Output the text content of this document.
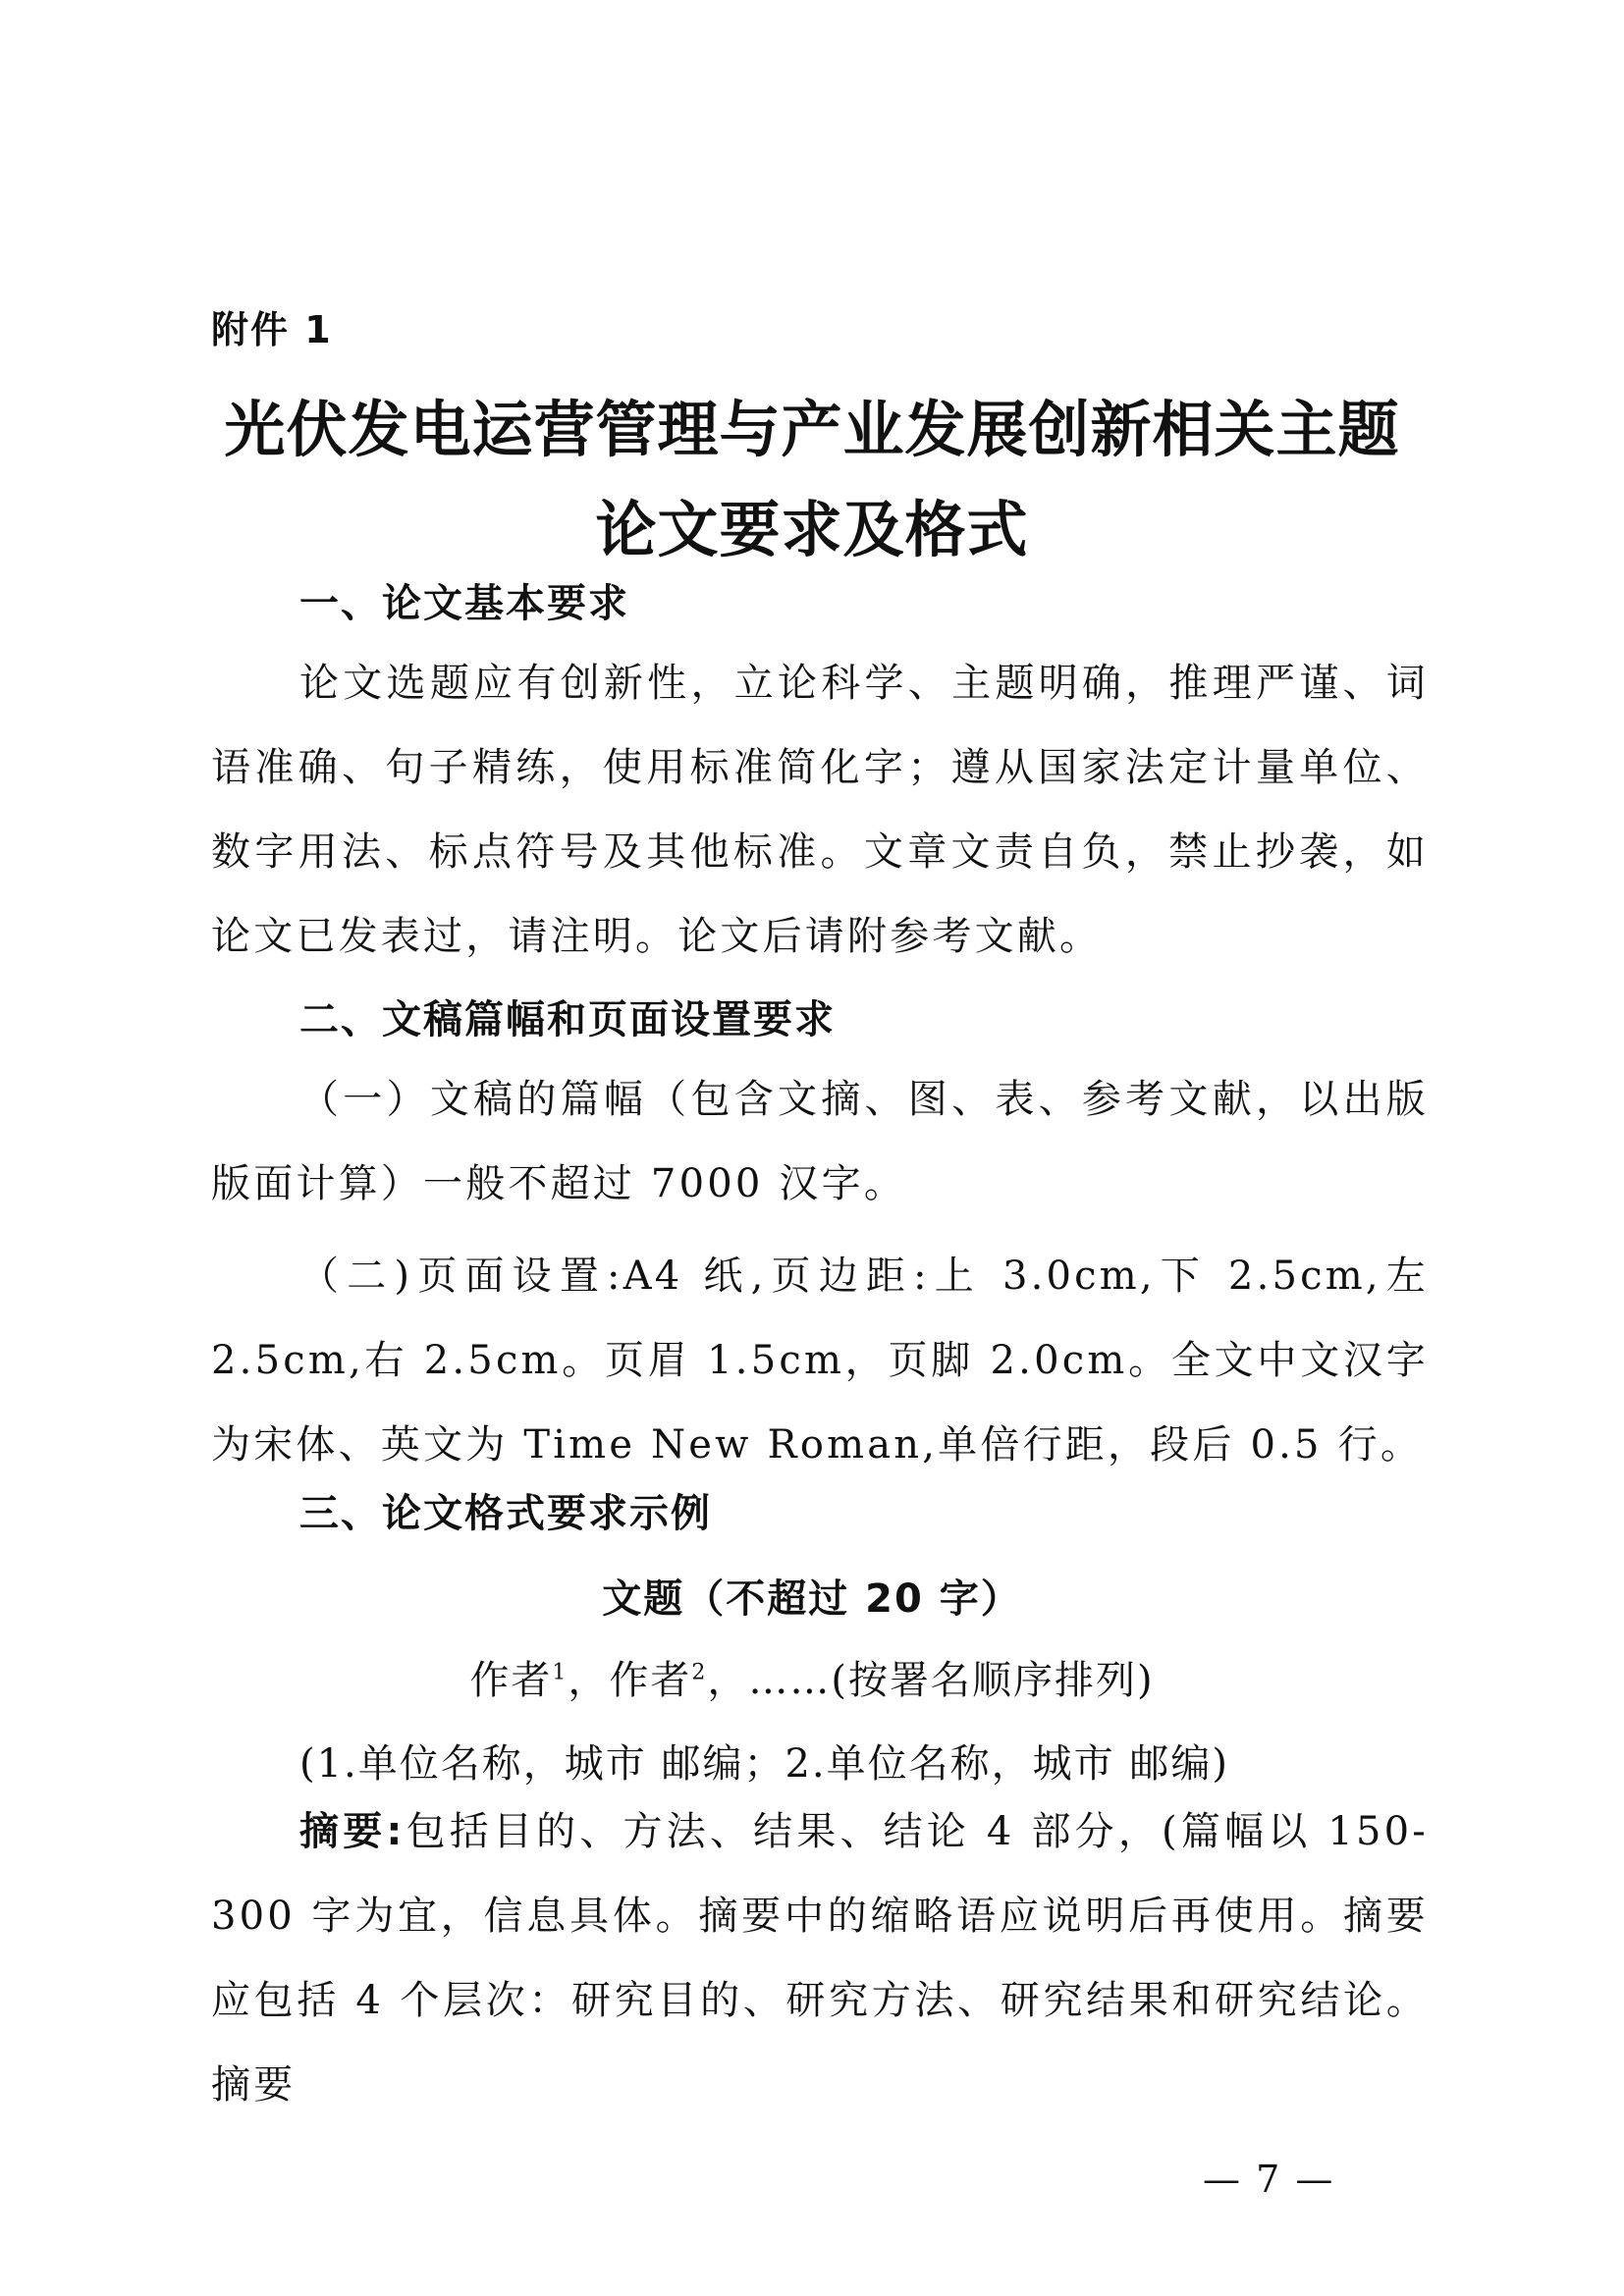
附件 1
光伏发电运营管理与产业发展创新相关主题
论文要求及格式
一、论文基本要求
论文选题应有创新性，立论科学、主题明确，推理严谨、词语准确、句子精练，使用标准简化字；遵从国家法定计量单位、数字用法、标点符号及其他标准。文章文责自负，禁止抄袭，如论文已发表过，请注明。论文后请附参考文献。
二、文稿篇幅和页面设置要求
（一）文稿的篇幅（包含文摘、图、表、参考文献，以出版版面计算）一般不超过 7000 汉字。
（二)页面设置:A4 纸,页边距:上 3.0cm,下 2.5cm,左 2.5cm,右 2.5cm。页眉 1.5cm，页脚 2.0cm。全文中文汉字为宋体、英文为 Time New Roman,单倍行距，段后 0.5 行。
三、论文格式要求示例
文题（不超过 20 字）
作者$^1$，作者$^2$，……(按署名顺序排列)
(1.单位名称，城市 邮编；2.单位名称，城市 邮编)
摘要:包括目的、方法、结果、结论 4 部分，(篇幅以 150-300 字为宜，信息具体。摘要中的缩略语应说明后再使用。摘要应包括 4 个层次：研究目的、研究方法、研究结果和研究结论。摘要
— 7 —
